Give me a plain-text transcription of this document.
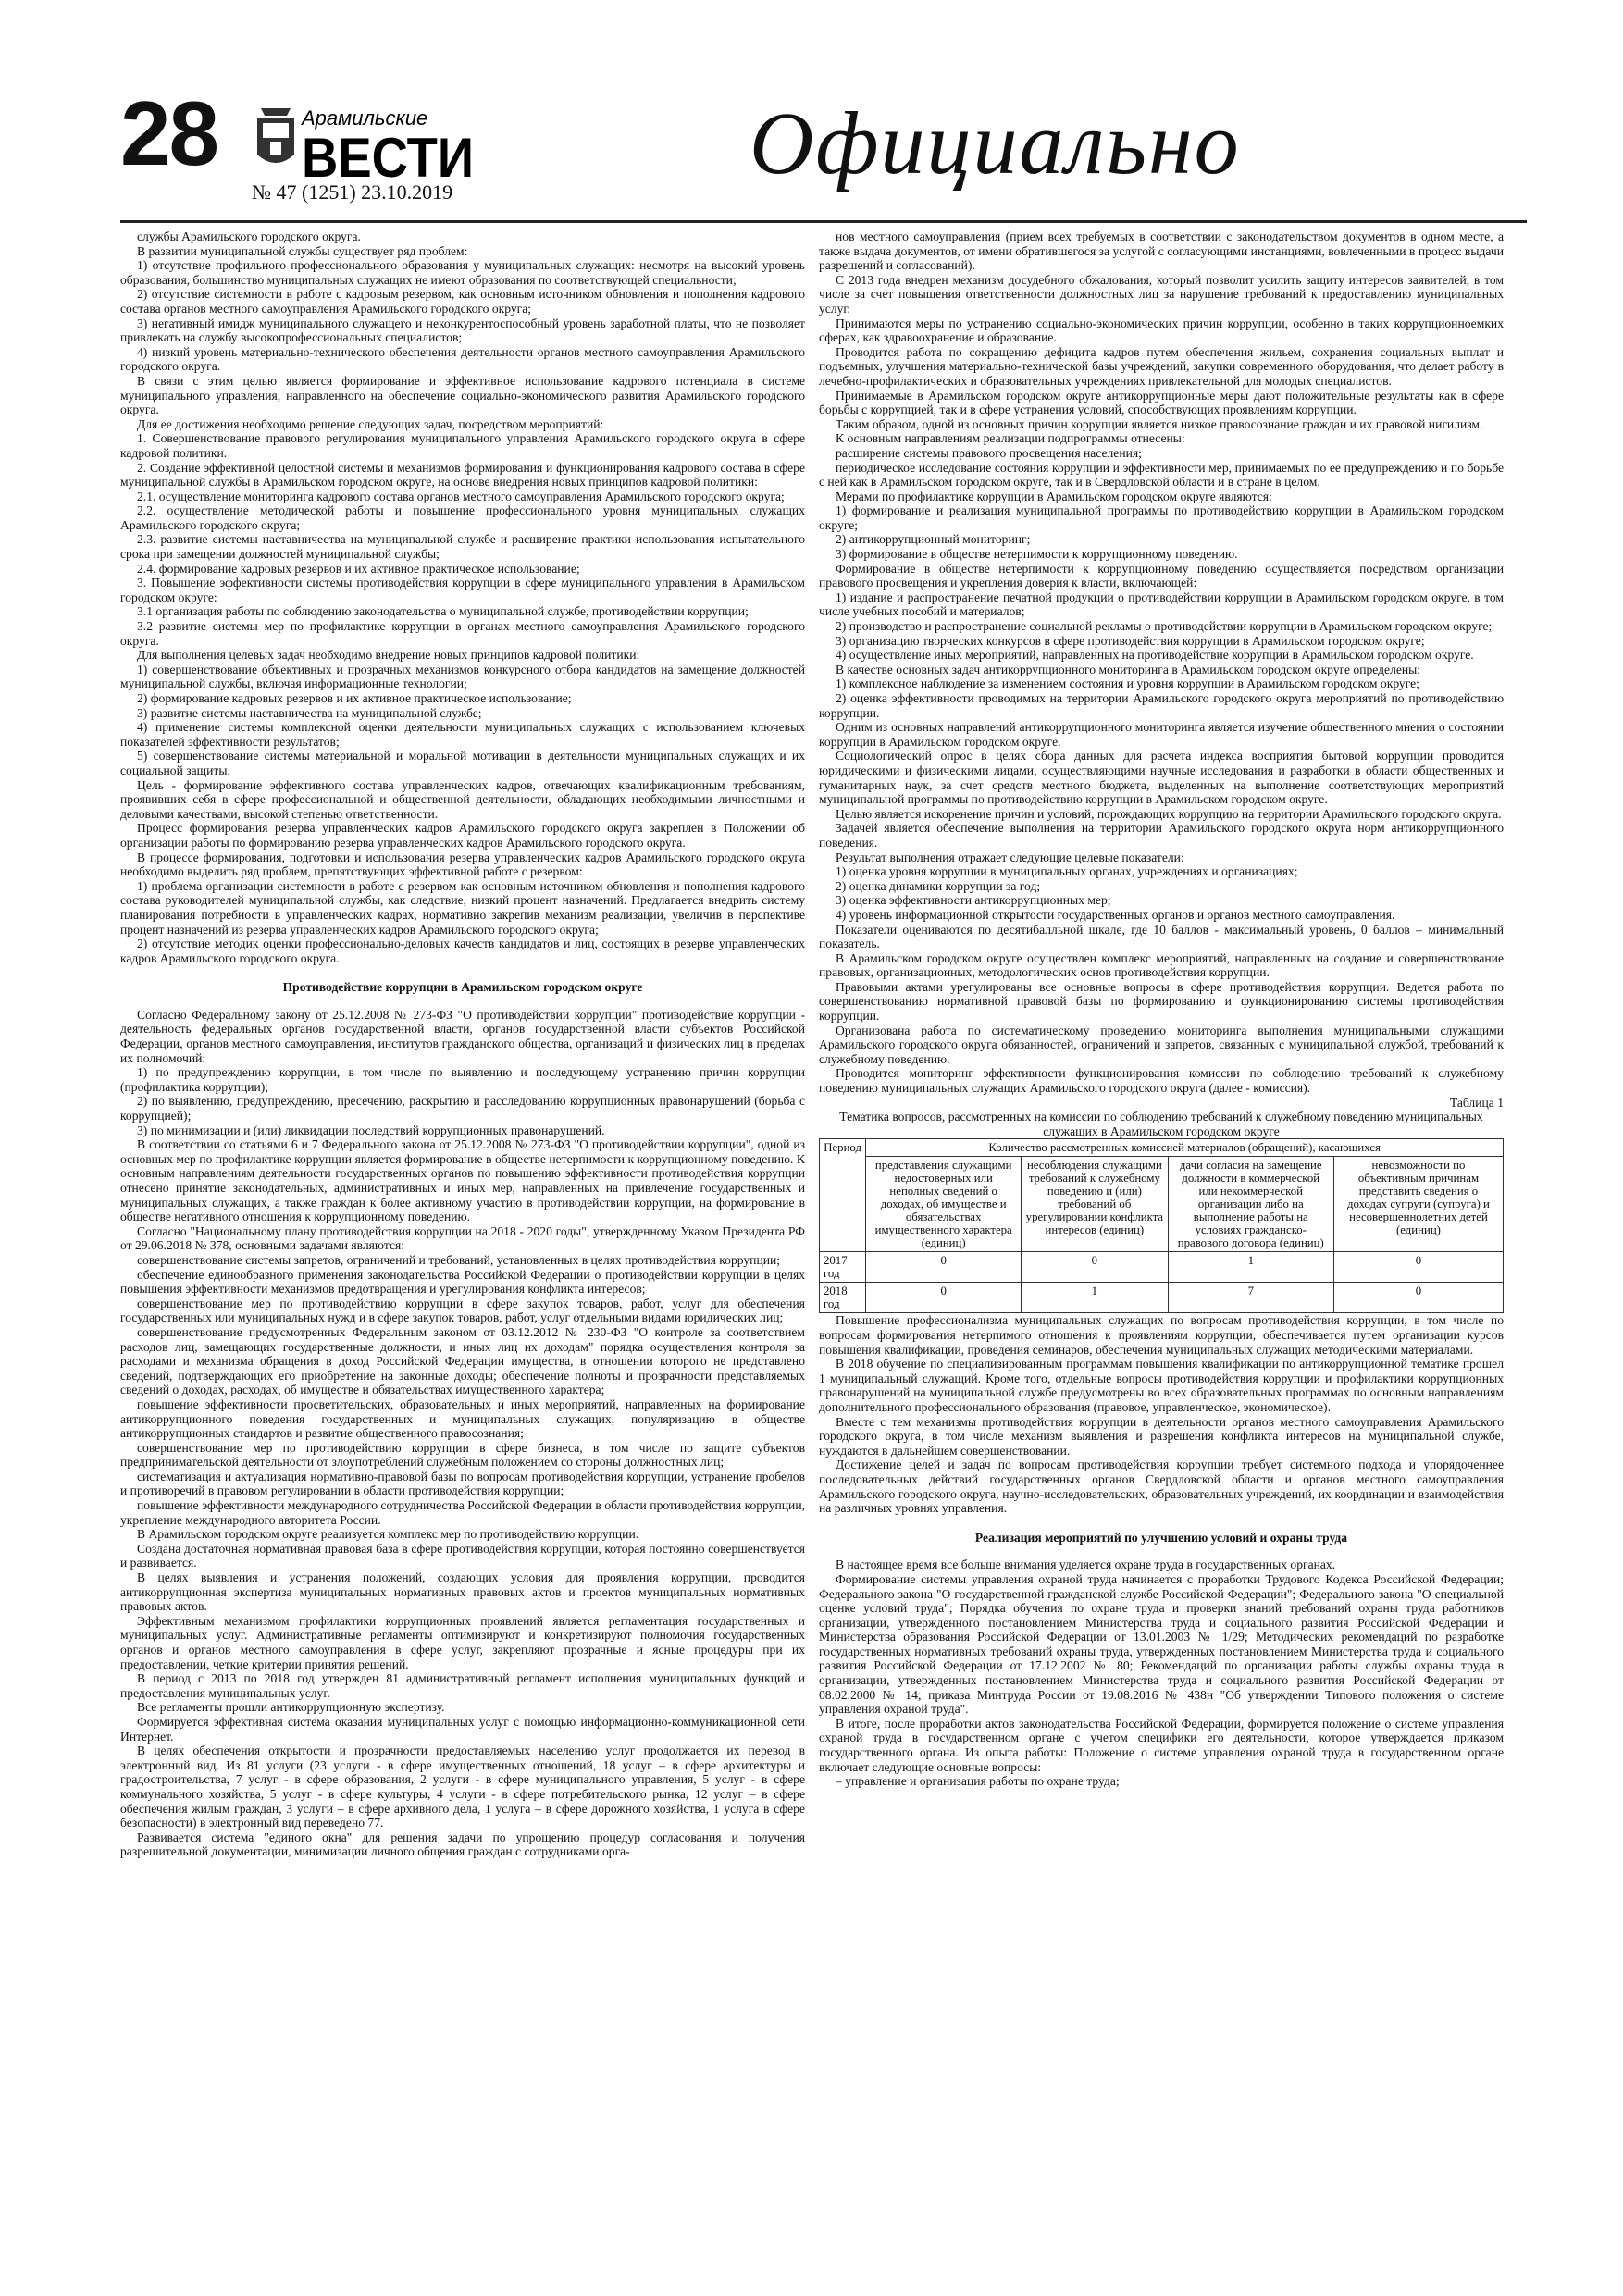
28	Арамильские
ВЕСТИ
№ 47 (1251) 23.10.2019	Официально

службы Арамильского городского округа.

В развитии муниципальной службы существует ряд проблем:

1) отсутствие профильного профессионального образования у муниципальных служащих: несмотря на высокий уровень образования, большинство муниципальных служащих не имеют образования по соответствующей специальности;

2) отсутствие системности в работе с кадровым резервом, как основным источником обновления и пополнения кадрового состава органов местного самоуправления Арамильского городского округа;

3) негативный имидж муниципального служащего и неконкурентоспособный уровень заработной платы, что не позволяет привлекать на службу высокопрофессиональных специалистов;

4) низкий уровень материально-технического обеспечения деятельности органов местного самоуправления Арамильского городского округа.

В связи с этим целью является формирование и эффективное использование кадрового потенциала в системе муниципального управления, направленного на обеспечение социально-экономического развития Арамильского городского округа.

Для ее достижения необходимо решение следующих задач, посредством мероприятий:

1. Совершенствование правового регулирования муниципального управления Арамильского городского округа в сфере кадровой политики.

2. Создание эффективной целостной системы и механизмов формирования и функционирования кадрового состава в сфере муниципальной службы в Арамильском городском округе, на основе внедрения новых принципов кадровой политики:

2.1. осуществление мониторинга кадрового состава органов местного самоуправления Арамильского городского округа;

2.2. осуществление методической работы и повышение профессионального уровня муниципальных служащих Арамильского городского округа;

2.3. развитие системы наставничества на муниципальной службе и расширение практики использования испытательного срока при замещении должностей муниципальной службы;

2.4. формирование кадровых резервов и их активное практическое использование;

3. Повышение эффективности системы противодействия коррупции в сфере муниципального управления в Арамильском городском округе:

3.1 организация работы по соблюдению законодательства о муниципальной службе, противодействии коррупции;

3.2 развитие системы мер по профилактике коррупции в органах местного самоуправления Арамильского городского округа.

Для выполнения целевых задач необходимо внедрение новых принципов кадровой политики:

1) совершенствование объективных и прозрачных механизмов конкурсного отбора кандидатов на замещение должностей муниципальной службы, включая информационные технологии;

2) формирование кадровых резервов и их активное практическое использование;

3) развитие системы наставничества на муниципальной службе;

4) применение системы комплексной оценки деятельности муниципальных служащих с использованием ключевых показателей эффективности результатов;

5) совершенствование системы материальной и моральной мотивации в деятельности муниципальных служащих и их социальной защиты.

Цель - формирование эффективного состава управленческих кадров, отвечающих квалификационным требованиям, проявивших себя в сфере профессиональной и общественной деятельности, обладающих необходимыми личностными и деловыми качествами, высокой степенью ответственности.

Процесс формирования резерва управленческих кадров Арамильского городского округа закреплен в Положении об организации работы по формированию резерва управленческих кадров Арамильского городского округа.

В процессе формирования, подготовки и использования резерва управленческих кадров Арамильского городского округа необходимо выделить ряд проблем, препятствующих эффективной работе с резервом:

1) проблема организации системности в работе с резервом как основным источником обновления и пополнения кадрового состава руководителей муниципальной службы, как следствие, низкий процент назначений. Предлагается внедрить систему планирования потребности в управленческих кадрах, нормативно закрепив механизм реализации, увеличив в перспективе процент назначений из резерва управленческих кадров Арамильского городского округа;

2) отсутствие методик оценки профессионально-деловых качеств кандидатов и лиц, состоящих в резерве управленческих кадров Арамильского городского округа.

Противодействие коррупции в Арамильском городском округе

Согласно Федеральному закону от 25.12.2008 № 273-ФЗ "О противодействии коррупции" противодействие коррупции - деятельность федеральных органов государственной власти, органов государственной власти субъектов Российской Федерации, органов местного самоуправления, институтов гражданского общества, организаций и физических лиц в пределах их полномочий:

1) по предупреждению коррупции, в том числе по выявлению и последующему устранению причин коррупции (профилактика коррупции);

2) по выявлению, предупреждению, пресечению, раскрытию и расследованию коррупционных правонарушений (борьба с коррупцией);

3) по минимизации и (или) ликвидации последствий коррупционных правонарушений.

В соответствии со статьями 6 и 7 Федерального закона от 25.12.2008 № 273-ФЗ "О противодействии коррупции", одной из основных мер по профилактике коррупции является формирование в обществе нетерпимости к коррупционному поведению. К основным направлениям деятельности государственных органов по повышению эффективности противодействия коррупции отнесено принятие законодательных, административных и иных мер, направленных на привлечение государственных и муниципальных служащих, а также граждан к более активному участию в противодействии коррупции, на формирование в обществе негативного отношения к коррупционному поведению.

Согласно "Национальному плану противодействия коррупции на 2018 - 2020 годы", утвержденному Указом Президента РФ от 29.06.2018 № 378, основными задачами являются:

совершенствование системы запретов, ограничений и требований, установленных в целях противодействия коррупции;

обеспечение единообразного применения законодательства Российской Федерации о противодействии коррупции в целях повышения эффективности механизмов предотвращения и урегулирования конфликта интересов;

совершенствование мер по противодействию коррупции в сфере закупок товаров, работ, услуг для обеспечения государственных или муниципальных нужд и в сфере закупок товаров, работ, услуг отдельными видами юридических лиц;

совершенствование предусмотренных Федеральным законом от 03.12.2012 № 230-ФЗ "О контроле за соответствием расходов лиц, замещающих государственные должности, и иных лиц их доходам" порядка осуществления контроля за расходами и механизма обращения в доход Российской Федерации имущества, в отношении которого не представлено сведений, подтверждающих его приобретение на законные доходы; обеспечение полноты и прозрачности представляемых сведений о доходах, расходах, об имуществе и обязательствах имущественного характера;

повышение эффективности просветительских, образовательных и иных мероприятий, направленных на формирование антикоррупционного поведения государственных и муниципальных служащих, популяризацию в обществе антикоррупционных стандартов и развитие общественного правосознания;

совершенствование мер по противодействию коррупции в сфере бизнеса, в том числе по защите субъектов предпринимательской деятельности от злоупотреблений служебным положением со стороны должностных лиц;

систематизация и актуализация нормативно-правовой базы по вопросам противодействия коррупции, устранение пробелов и противоречий в правовом регулировании в области противодействия коррупции;

повышение эффективности международного сотрудничества Российской Федерации в области противодействия коррупции, укрепление международного авторитета России.

В Арамильском городском округе реализуется комплекс мер по противодействию коррупции.

Создана достаточная нормативная правовая база в сфере противодействия коррупции, которая постоянно совершенствуется и развивается.

В целях выявления и устранения положений, создающих условия для проявления коррупции, проводится антикоррупционная экспертиза муниципальных нормативных правовых актов и проектов муниципальных нормативных правовых актов.

Эффективным механизмом профилактики коррупционных проявлений является регламентация государственных и муниципальных услуг. Административные регламенты оптимизируют и конкретизируют полномочия государственных органов и органов местного самоуправления в сфере услуг, закрепляют прозрачные и ясные процедуры при их предоставлении, четкие критерии принятия решений.

В период с 2013 по 2018 год утвержден 81 административный регламент исполнения муниципальных функций и предоставления муниципальных услуг.

Все регламенты прошли антикоррупционную экспертизу.

Формируется эффективная система оказания муниципальных услуг с помощью информационно-коммуникационной сети Интернет.

В целях обеспечения открытости и прозрачности предоставляемых населению услуг продолжается их перевод в электронный вид. Из 81 услуги (23 услуги - в сфере имущественных отношений, 18 услуг – в сфере архитектуры и градостроительства, 7 услуг - в сфере образования, 2 услуги - в сфере муниципального управления, 5 услуг - в сфере коммунального хозяйства, 5 услуг - в сфере культуры, 4 услуги - в сфере потребительского рынка, 12 услуг – в сфере обеспечения жилым граждан, 3 услуги – в сфере архивного дела, 1 услуга – в сфере дорожного хозяйства, 1 услуга в сфере безопасности) в электронный вид переведено 77.

Развивается система "единого окна" для решения задачи по упрощению процедур согласования и получения разрешительной документации, минимизации личного общения граждан с сотрудниками орга-

нов местного самоуправления (прием всех требуемых в соответствии с законодательством документов в одном месте, а также выдача документов, от имени обратившегося за услугой с согласующими инстанциями, вовлеченными в процесс выдачи разрешений и согласований).

С 2013 года внедрен механизм досудебного обжалования, который позволит усилить защиту интересов заявителей, в том числе за счет повышения ответственности должностных лиц за нарушение требований к предоставлению муниципальных услуг.

Принимаются меры по устранению социально-экономических причин коррупции, особенно в таких коррупционноемких сферах, как здравоохранение и образование.

Проводится работа по сокращению дефицита кадров путем обеспечения жильем, сохранения социальных выплат и подъемных, улучшения материально-технической базы учреждений, закупки современного оборудования, что делает работу в лечебно-профилактических и образовательных учреждениях привлекательной для молодых специалистов.

Принимаемые в Арамильском городском округе антикоррупционные меры дают положительные результаты как в сфере борьбы с коррупцией, так и в сфере устранения условий, способствующих проявлениям коррупции.

Таким образом, одной из основных причин коррупции является низкое правосознание граждан и их правовой нигилизм.

К основным направлениям реализации подпрограммы отнесены:

расширение системы правового просвещения населения;

периодическое исследование состояния коррупции и эффективности мер, принимаемых по ее предупреждению и по борьбе с ней как в Арамильском городском округе, так и в Свердловской области и в стране в целом.

Мерами по профилактике коррупции в Арамильском городском округе являются:

1) формирование и реализация муниципальной программы по противодействию коррупции в Арамильском городском округе;

2) антикоррупционный мониторинг;

3) формирование в обществе нетерпимости к коррупционному поведению.

Формирование в обществе нетерпимости к коррупционному поведению осуществляется посредством организации правового просвещения и укрепления доверия к власти, включающей:

1) издание и распространение печатной продукции о противодействии коррупции в Арамильском городском округе, в том числе учебных пособий и материалов;

2) производство и распространение социальной рекламы о противодействии коррупции в Арамильском городском округе;

3) организацию творческих конкурсов в сфере противодействия коррупции в Арамильском городском округе;

4) осуществление иных мероприятий, направленных на противодействие коррупции в Арамильском городском округе.

В качестве основных задач антикоррупционного мониторинга в Арамильском городском округе определены:

1) комплексное наблюдение за изменением состояния и уровня коррупции в Арамильском городском округе;

2) оценка эффективности проводимых на территории Арамильского городского округа мероприятий по противодействию коррупции.

Одним из основных направлений антикоррупционного мониторинга является изучение общественного мнения о состоянии коррупции в Арамильском городском округе.

Социологический опрос в целях сбора данных для расчета индекса восприятия бытовой коррупции проводится юридическими и физическими лицами, осуществляющими научные исследования и разработки в области общественных и гуманитарных наук, за счет средств местного бюджета, выделенных на выполнение соответствующих мероприятий муниципальной программы по противодействию коррупции в Арамильском городском округе.

Целью является искоренение причин и условий, порождающих коррупцию на территории Арамильского городского округа.

Задачей является обеспечение выполнения на территории Арамильского городского округа норм антикоррупционного поведения.

Результат выполнения отражает следующие целевые показатели:

1) оценка уровня коррупции в муниципальных органах, учреждениях и организациях;

2) оценка динамики коррупции за год;

3) оценка эффективности антикоррупционных мер;

4) уровень информационной открытости государственных органов и органов местного самоуправления.

Показатели оцениваются по десятибалльной шкале, где 10 баллов - максимальный уровень, 0 баллов – минимальный показатель.

В Арамильском городском округе осуществлен комплекс мероприятий, направленных на создание и совершенствование правовых, организационных, методологических основ противодействия коррупции.

Правовыми актами урегулированы все основные вопросы в сфере противодействия коррупции. Ведется работа по совершенствованию нормативной правовой базы по формированию и функционированию системы противодействия коррупции.

Организована работа по систематическому проведению мониторинга выполнения муниципальными служащими Арамильского городского округа обязанностей, ограничений и запретов, связанных с муниципальной службой, требований к служебному поведению.

Проводится мониторинг эффективности функционирования комиссии по соблюдению требований к служебному поведению муниципальных служащих Арамильского городского округа (далее - комиссия).

Таблица 1

Тематика вопросов, рассмотренных на комиссии по соблюдению требований к служебному поведению муниципальных служащих в Арамильском городском округе

Период	Количество рассмотренных комиссией материалов (обращений), касающихся			
	представления служащими недостоверных или неполных сведений о доходах, об имуществе и обязательствах имущественного характера (единиц)	несоблюдения служащими требований к служебному поведению и (или) требований об урегулировании конфликта интересов (единиц)	дачи согласия на замещение должности в коммерческой или некоммерческой организации либо на выполнение работы на условиях гражданско-правового договора (единиц)	невозможности по объективным причинам представить сведения о доходах супруги (супруга) и несовершеннолетних детей (единиц)
2017 год	0	0	1	0
2018 год	0	1	7	0

Повышение профессионализма муниципальных служащих по вопросам противодействия коррупции, в том числе по вопросам формирования нетерпимого отношения к проявлениям коррупции, обеспечивается путем организации курсов повышения квалификации, проведения семинаров, обеспечения муниципальных служащих методическими материалами.

В 2018 обучение по специализированным программам повышения квалификации по антикоррупционной тематике прошел 1 муниципальный служащий. Кроме того, отдельные вопросы противодействия коррупции и профилактики коррупционных правонарушений на муниципальной службе предусмотрены во всех образовательных программах по основным направлениям дополнительного профессионального образования (правовое, управленческое, экономическое).

Вместе с тем механизмы противодействия коррупции в деятельности органов местного самоуправления Арамильского городского округа, в том числе механизм выявления и разрешения конфликта интересов на муниципальной службе, нуждаются в дальнейшем совершенствовании.

Достижение целей и задач по вопросам противодействия коррупции требует системного подхода и упорядоченнее последовательных действий государственных органов Свердловской области и органов местного самоуправления Арамильского городского округа, научно-исследовательских, образовательных учреждений, их координации и взаимодействия на различных уровнях управления.

Реализация мероприятий по улучшению условий и охраны труда

В настоящее время все больше внимания уделяется охране труда в государственных органах.

Формирование системы управления охраной труда начинается с проработки Трудового Кодекса Российской Федерации; Федерального закона "О государственной гражданской службе Российской Федерации"; Федерального закона "О специальной оценке условий труда"; Порядка обучения по охране труда и проверки знаний требований охраны труда работников организации, утвержденного постановлением Министерства труда и социального развития Российской Федерации и Министерства образования Российской Федерации от 13.01.2003 № 1/29; Методических рекомендаций по разработке государственных нормативных требований охраны труда, утвержденных постановлением Министерства труда и социального развития Российской Федерации от 17.12.2002 № 80; Рекомендаций по организации работы службы охраны труда в организации, утвержденных постановлением Министерства труда и социального развития Российской Федерации от 08.02.2000 № 14; приказа Минтруда России от 19.08.2016 № 438н "Об утверждении Типового положения о системе управления охраной труда".

В итоге, после проработки актов законодательства Российской Федерации, формируется положение о системе управления охраной труда в государственном органе с учетом специфики его деятельности, которое утверждается приказом государственного органа. Из опыта работы: Положение о системе управления охраной труда в государственном органе включает следующие основные вопросы:

– управление и организация работы по охране труда;
